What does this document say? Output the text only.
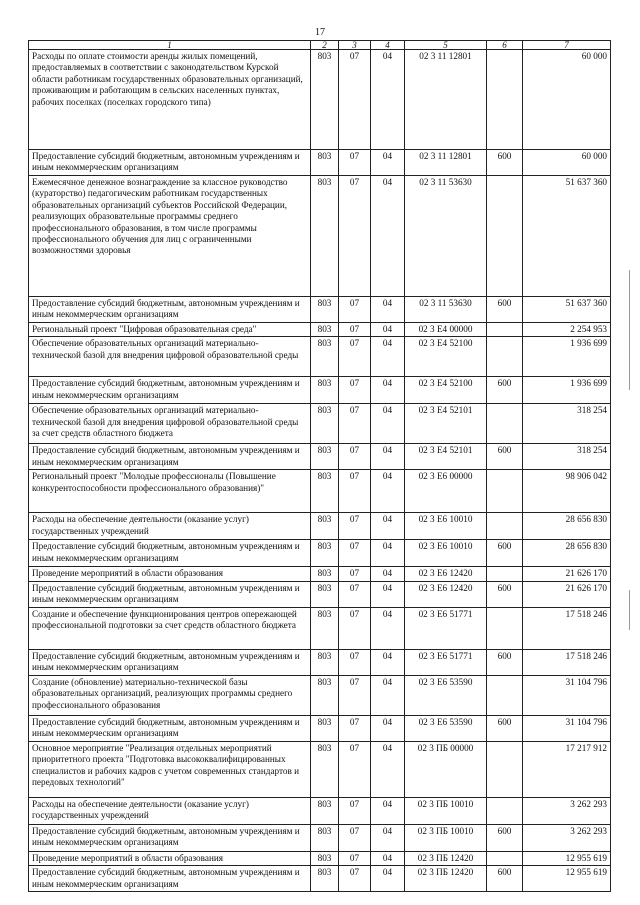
17
1	2	3	4	5	6	7
Расходы по оплате стоимости аренды жилых помещений, предоставляемых в соответствии с законодательством Курской области работникам государственных образовательных организаций, проживающим и работающим в сельских населенных пунктах, рабочих поселках (поселках городского типа)	803	07	04	02 3 11 12801		60 000
Предоставление субсидий бюджетным, автономным учреждениям и иным некоммерческим организациям	803	07	04	02 3 11 12801	600	60 000
Ежемесячное денежное вознаграждение за классное руководство (кураторство) педагогическим работникам государственных образовательных организаций субъектов Российской Федерации, реализующих образовательные программы среднего профессионального образования, в том числе программы профессионального обучения для лиц с ограниченными возможностями здоровья	803	07	04	02 3 11 53630		51 637 360
Предоставление субсидий бюджетным, автономным учреждениям и иным некоммерческим организациям	803	07	04	02 3 11 53630	600	51 637 360
Региональный проект "Цифровая образовательная среда"	803	07	04	02 3 E4 00000		2 254 953
Обеспечение образовательных организаций материально-технической базой для внедрения цифровой образовательной среды	803	07	04	02 3 E4 52100		1 936 699
Предоставление субсидий бюджетным, автономным учреждениям и иным некоммерческим организациям	803	07	04	02 3 E4 52100	600	1 936 699
Обеспечение образовательных организаций материально-технической базой для внедрения цифровой образовательной среды за счет средств областного бюджета	803	07	04	02 3 E4 52101		318 254
Предоставление субсидий бюджетным, автономным учреждениям и иным некоммерческим организациям	803	07	04	02 3 E4 52101	600	318 254
Региональный проект "Молодые профессионалы (Повышение конкурентоспособности профессионального образования)"	803	07	04	02 3 E6 00000		98 906 042
Расходы на обеспечение деятельности (оказание услуг) государственных учреждений	803	07	04	02 3 E6 10010		28 656 830
Предоставление субсидий бюджетным, автономным учреждениям и иным некоммерческим организациям	803	07	04	02 3 E6 10010	600	28 656 830
Проведение мероприятий в области образования	803	07	04	02 3 E6 12420		21 626 170
Предоставление субсидий бюджетным, автономным учреждениям и иным некоммерческим организациям	803	07	04	02 3 E6 12420	600	21 626 170
Создание и обеспечение функционирования центров опережающей профессиональной подготовки за счет средств областного бюджета	803	07	04	02 3 E6 51771		17 518 246
Предоставление субсидий бюджетным, автономным учреждениям и иным некоммерческим организациям	803	07	04	02 3 E6 51771	600	17 518 246
Создание (обновление) материально-технической базы образовательных организаций, реализующих программы среднего профессионального образования	803	07	04	02 3 E6 53590		31 104 796
Предоставление субсидий бюджетным, автономным учреждениям и иным некоммерческим организациям	803	07	04	02 3 E6 53590	600	31 104 796
Основное мероприятие "Реализация отдельных мероприятий приоритетного проекта "Подготовка высококвалифицированных специалистов и рабочих кадров с учетом современных стандартов и передовых технологий"	803	07	04	02 3 ПБ 00000		17 217 912
Расходы на обеспечение деятельности (оказание услуг) государственных учреждений	803	07	04	02 3 ПБ 10010		3 262 293
Предоставление субсидий бюджетным, автономным учреждениям и иным некоммерческим организациям	803	07	04	02 3 ПБ 10010	600	3 262 293
Проведение мероприятий в области образования	803	07	04	02 3 ПБ 12420		12 955 619
Предоставление субсидий бюджетным, автономным учреждениям и иным некоммерческим организациям	803	07	04	02 3 ПБ 12420	600	12 955 619
